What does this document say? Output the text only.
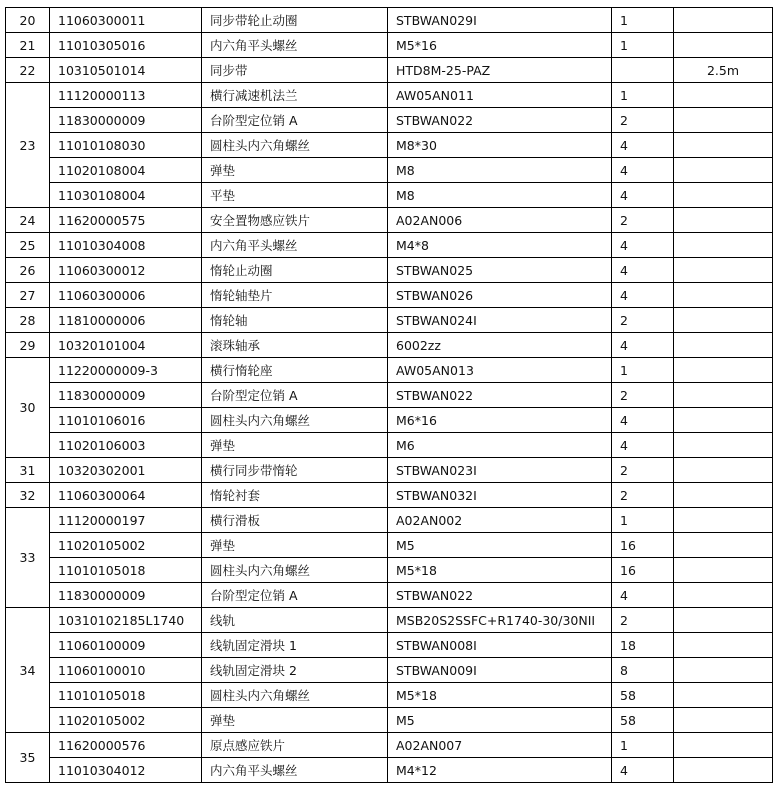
20	11060300011	同步带轮止动圈	STBWAN029I	1	
21	11010305016	内六角平头螺丝	M5*16	1	
22	10310501014	同步带	HTD8M-25-PAZ		2.5m
23	11120000113	横行减速机法兰	AW05AN011	1	
	11830000009	台阶型定位销 A	STBWAN022	2	
	11010108030	圆柱头内六角螺丝	M8*30	4	
	11020108004	弹垫	M8	4	
	11030108004	平垫	M8	4	
24	11620000575	安全置物感应铁片	A02AN006	2	
25	11010304008	内六角平头螺丝	M4*8	4	
26	11060300012	惰轮止动圈	STBWAN025	4	
27	11060300006	惰轮轴垫片	STBWAN026	4	
28	11810000006	惰轮轴	STBWAN024I	2	
29	10320101004	滚珠轴承	6002zz	4	
30	11220000009-3	横行惰轮座	AW05AN013	1	
	11830000009	台阶型定位销 A	STBWAN022	2	
	11010106016	圆柱头内六角螺丝	M6*16	4	
	11020106003	弹垫	M6	4	
31	10320302001	横行同步带惰轮	STBWAN023I	2	
32	11060300064	惰轮衬套	STBWAN032I	2	
33	11120000197	横行滑板	A02AN002	1	
	11020105002	弹垫	M5	16	
	11010105018	圆柱头内六角螺丝	M5*18	16	
	11830000009	台阶型定位销 A	STBWAN022	4	
34	10310102185L1740	线轨	MSB20S2SSFC+R1740-30/30NII	2	
	11060100009	线轨固定滑块 1	STBWAN008I	18	
	11060100010	线轨固定滑块 2	STBWAN009I	8	
	11010105018	圆柱头内六角螺丝	M5*18	58	
	11020105002	弹垫	M5	58	
35	11620000576	原点感应铁片	A02AN007	1	
	11010304012	内六角平头螺丝	M4*12	4	
